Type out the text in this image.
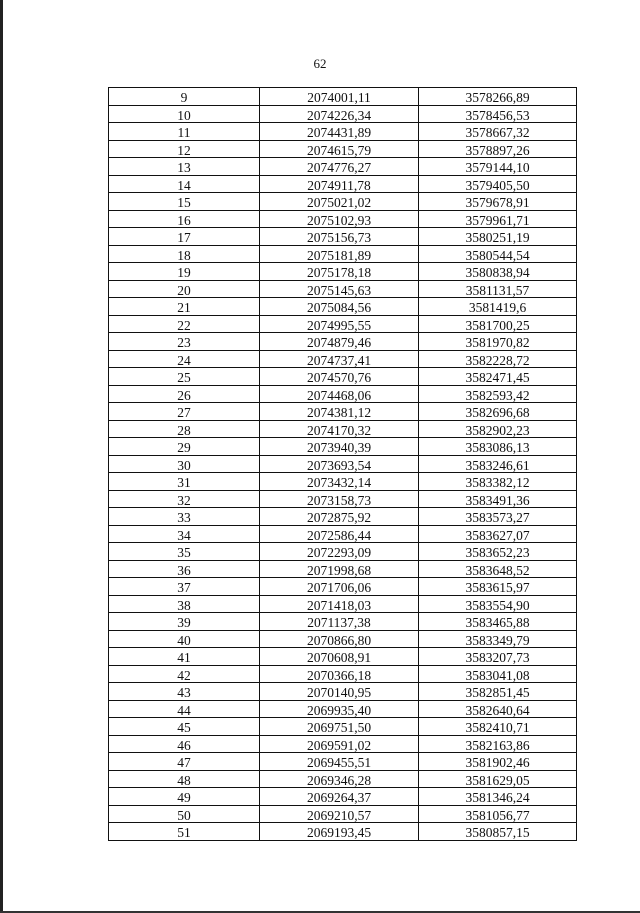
62
9	2074001,11	3578266,89
10	2074226,34	3578456,53
11	2074431,89	3578667,32
12	2074615,79	3578897,26
13	2074776,27	3579144,10
14	2074911,78	3579405,50
15	2075021,02	3579678,91
16	2075102,93	3579961,71
17	2075156,73	3580251,19
18	2075181,89	3580544,54
19	2075178,18	3580838,94
20	2075145,63	3581131,57
21	2075084,56	3581419,6
22	2074995,55	3581700,25
23	2074879,46	3581970,82
24	2074737,41	3582228,72
25	2074570,76	3582471,45
26	2074468,06	3582593,42
27	2074381,12	3582696,68
28	2074170,32	3582902,23
29	2073940,39	3583086,13
30	2073693,54	3583246,61
31	2073432,14	3583382,12
32	2073158,73	3583491,36
33	2072875,92	3583573,27
34	2072586,44	3583627,07
35	2072293,09	3583652,23
36	2071998,68	3583648,52
37	2071706,06	3583615,97
38	2071418,03	3583554,90
39	2071137,38	3583465,88
40	2070866,80	3583349,79
41	2070608,91	3583207,73
42	2070366,18	3583041,08
43	2070140,95	3582851,45
44	2069935,40	3582640,64
45	2069751,50	3582410,71
46	2069591,02	3582163,86
47	2069455,51	3581902,46
48	2069346,28	3581629,05
49	2069264,37	3581346,24
50	2069210,57	3581056,77
51	2069193,45	3580857,15
